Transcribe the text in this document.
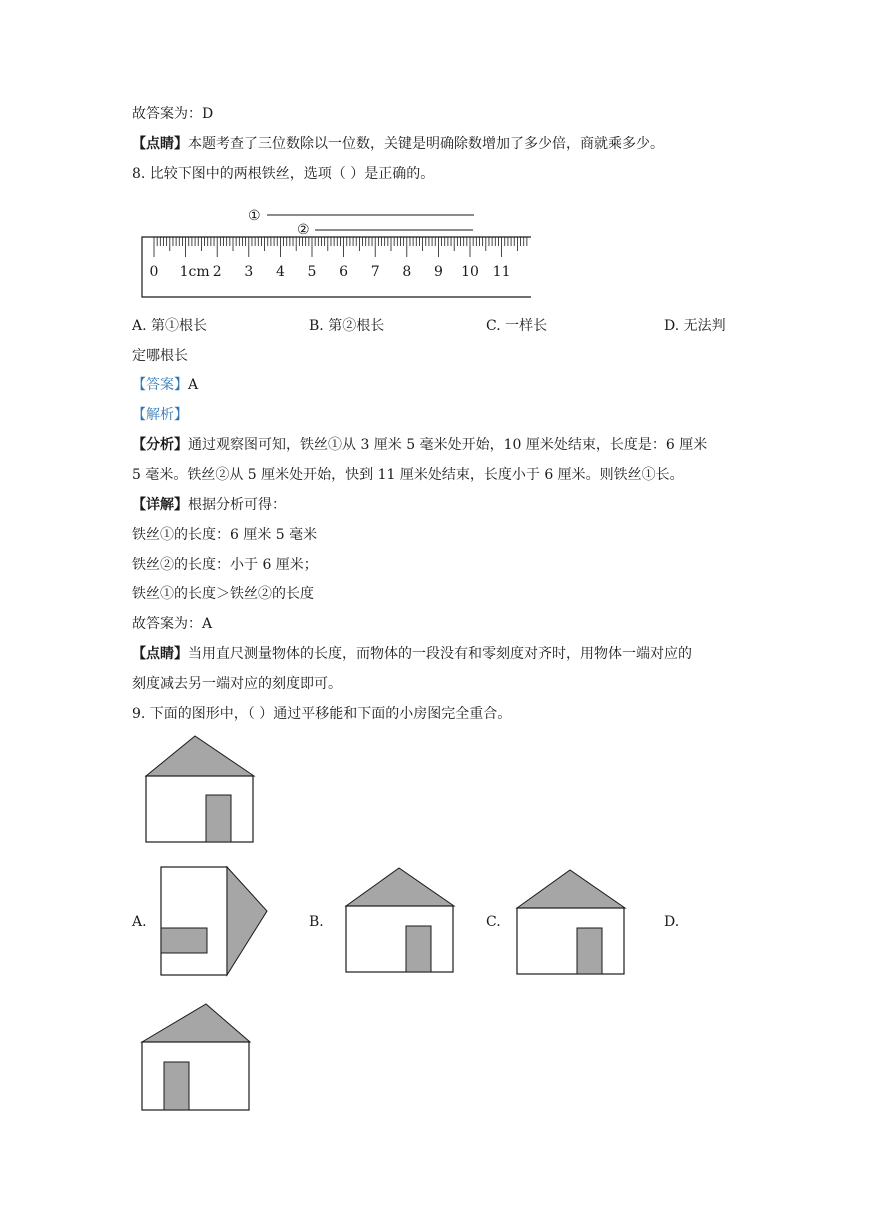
故答案为：D
【点睛】本题考查了三位数除以一位数，关键是明确除数增加了多少倍，商就乘多少。
8. 比较下图中的两根铁丝，选项（ ）是正确的。
①
②
0 1cm 2 3 4 5 6 7 8 9 10 11
A. 第①根长	B. 第②根长	C. 一样长	D. 无法判
定哪根长
【答案】A
【解析】
【分析】通过观察图可知，铁丝①从 3 厘米 5 毫米处开始，10 厘米处结束，长度是：6 厘米
5 毫米。铁丝②从 5 厘米处开始，快到 11 厘米处结束，长度小于 6 厘米。则铁丝①长。
【详解】根据分析可得：
铁丝①的长度：6 厘米 5 毫米
铁丝②的长度：小于 6 厘米；
铁丝①的长度＞铁丝②的长度
故答案为：A
【点睛】当用直尺测量物体的长度，而物体的一段没有和零刻度对齐时，用物体一端对应的
刻度减去另一端对应的刻度即可。
9. 下面的图形中，（ ）通过平移能和下面的小房图完全重合。
A.	B.	C.	D.
